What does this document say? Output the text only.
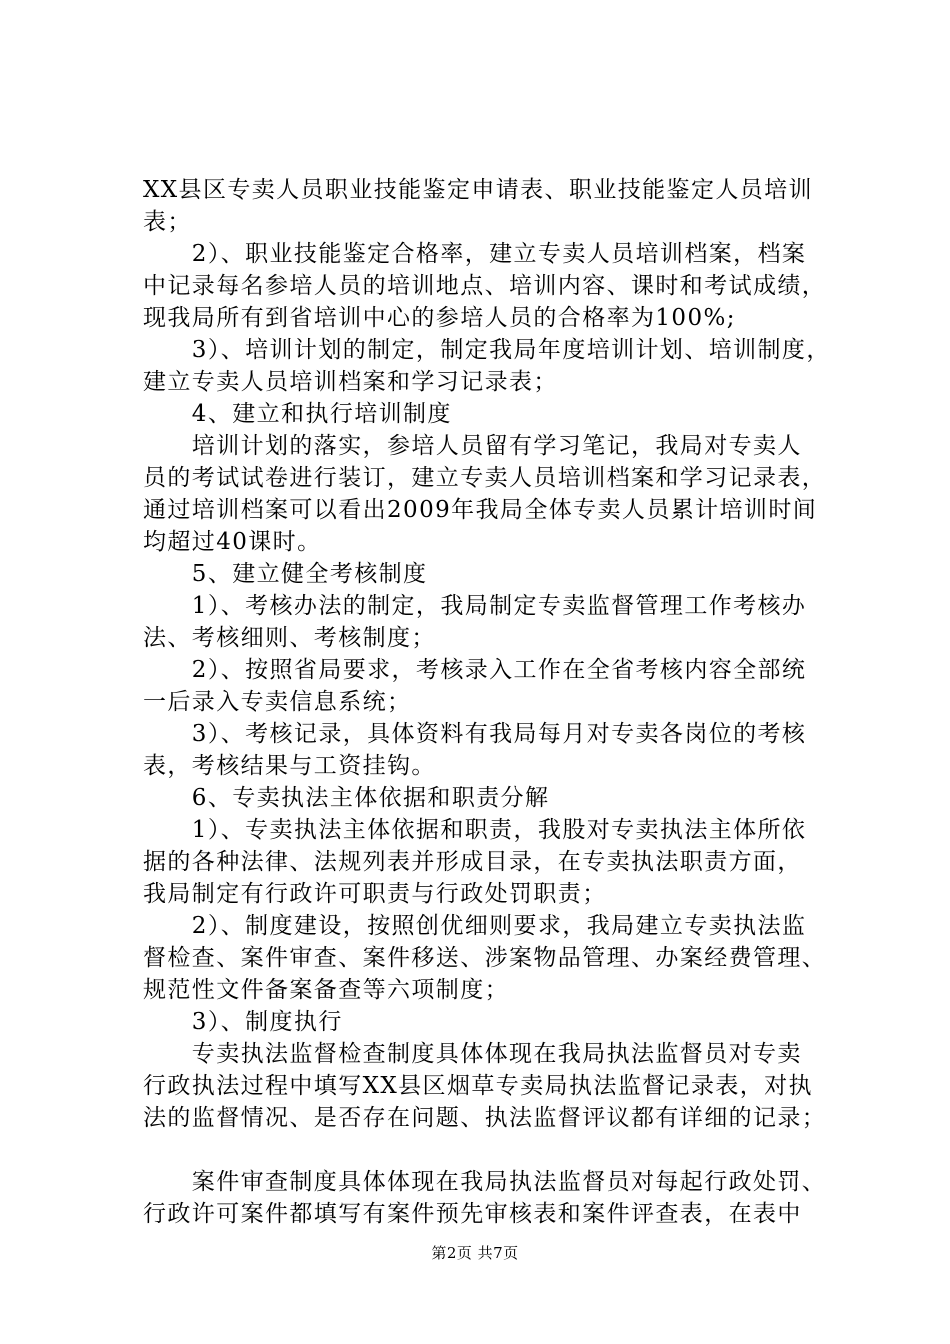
XX县区专卖人员职业技能鉴定申请表、职业技能鉴定人员培训
表；
　　2）、职业技能鉴定合格率，建立专卖人员培训档案，档案
中记录每名参培人员的培训地点、培训内容、课时和考试成绩，
现我局所有到省培训中心的参培人员的合格率为100%;
　　3）、培训计划的制定，制定我局年度培训计划、培训制度，
建立专卖人员培训档案和学习记录表；
　　4、建立和执行培训制度
　　培训计划的落实，参培人员留有学习笔记，我局对专卖人
员的考试试卷进行装订，建立专卖人员培训档案和学习记录表，
通过培训档案可以看出2009年我局全体专卖人员累计培训时间
均超过40课时。
　　5、建立健全考核制度
　　1）、考核办法的制定，我局制定专卖监督管理工作考核办
法、考核细则、考核制度；
　　2）、按照省局要求，考核录入工作在全省考核内容全部统
一后录入专卖信息系统；
　　3）、考核记录，具体资料有我局每月对专卖各岗位的考核
表，考核结果与工资挂钩。
　　6、专卖执法主体依据和职责分解
　　1）、专卖执法主体依据和职责，我股对专卖执法主体所依
据的各种法律、法规列表并形成目录，在专卖执法职责方面，
我局制定有行政许可职责与行政处罚职责；
　　2）、制度建设，按照创优细则要求，我局建立专卖执法监
督检查、案件审查、案件移送、涉案物品管理、办案经费管理、
规范性文件备案备查等六项制度；
　　3）、制度执行
　　专卖执法监督检查制度具体体现在我局执法监督员对专卖
行政执法过程中填写XX县区烟草专卖局执法监督记录表，对执
法的监督情况、是否存在问题、执法监督评议都有详细的记录；
　　案件审查制度具体体现在我局执法监督员对每起行政处罚、
行政许可案件都填写有案件预先审核表和案件评查表，在表中
第2页 共7页
